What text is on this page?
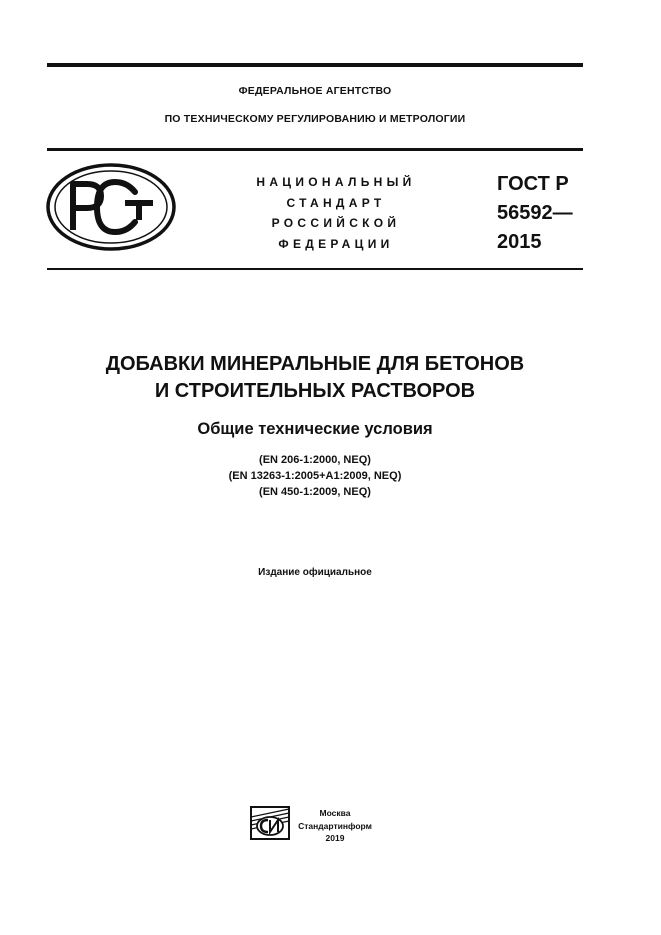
ФЕДЕРАЛЬНОЕ АГЕНТСТВО
ПО ТЕХНИЧЕСКОМУ РЕГУЛИРОВАНИЮ И МЕТРОЛОГИИ
НАЦИОНАЛЬНЫЙ
СТАНДАРТ
РОССИЙСКОЙ
ФЕДЕРАЦИИ
ГОСТ Р
56592—
2015
ДОБАВКИ МИНЕРАЛЬНЫЕ ДЛЯ БЕТОНОВ
И СТРОИТЕЛЬНЫХ РАСТВОРОВ
Общие технические условия
(EN 206-1:2000, NEQ)
(EN 13263-1:2005+A1:2009, NEQ)
(EN 450-1:2009, NEQ)
Издание официальное
Москва
Стандартинформ
2019
